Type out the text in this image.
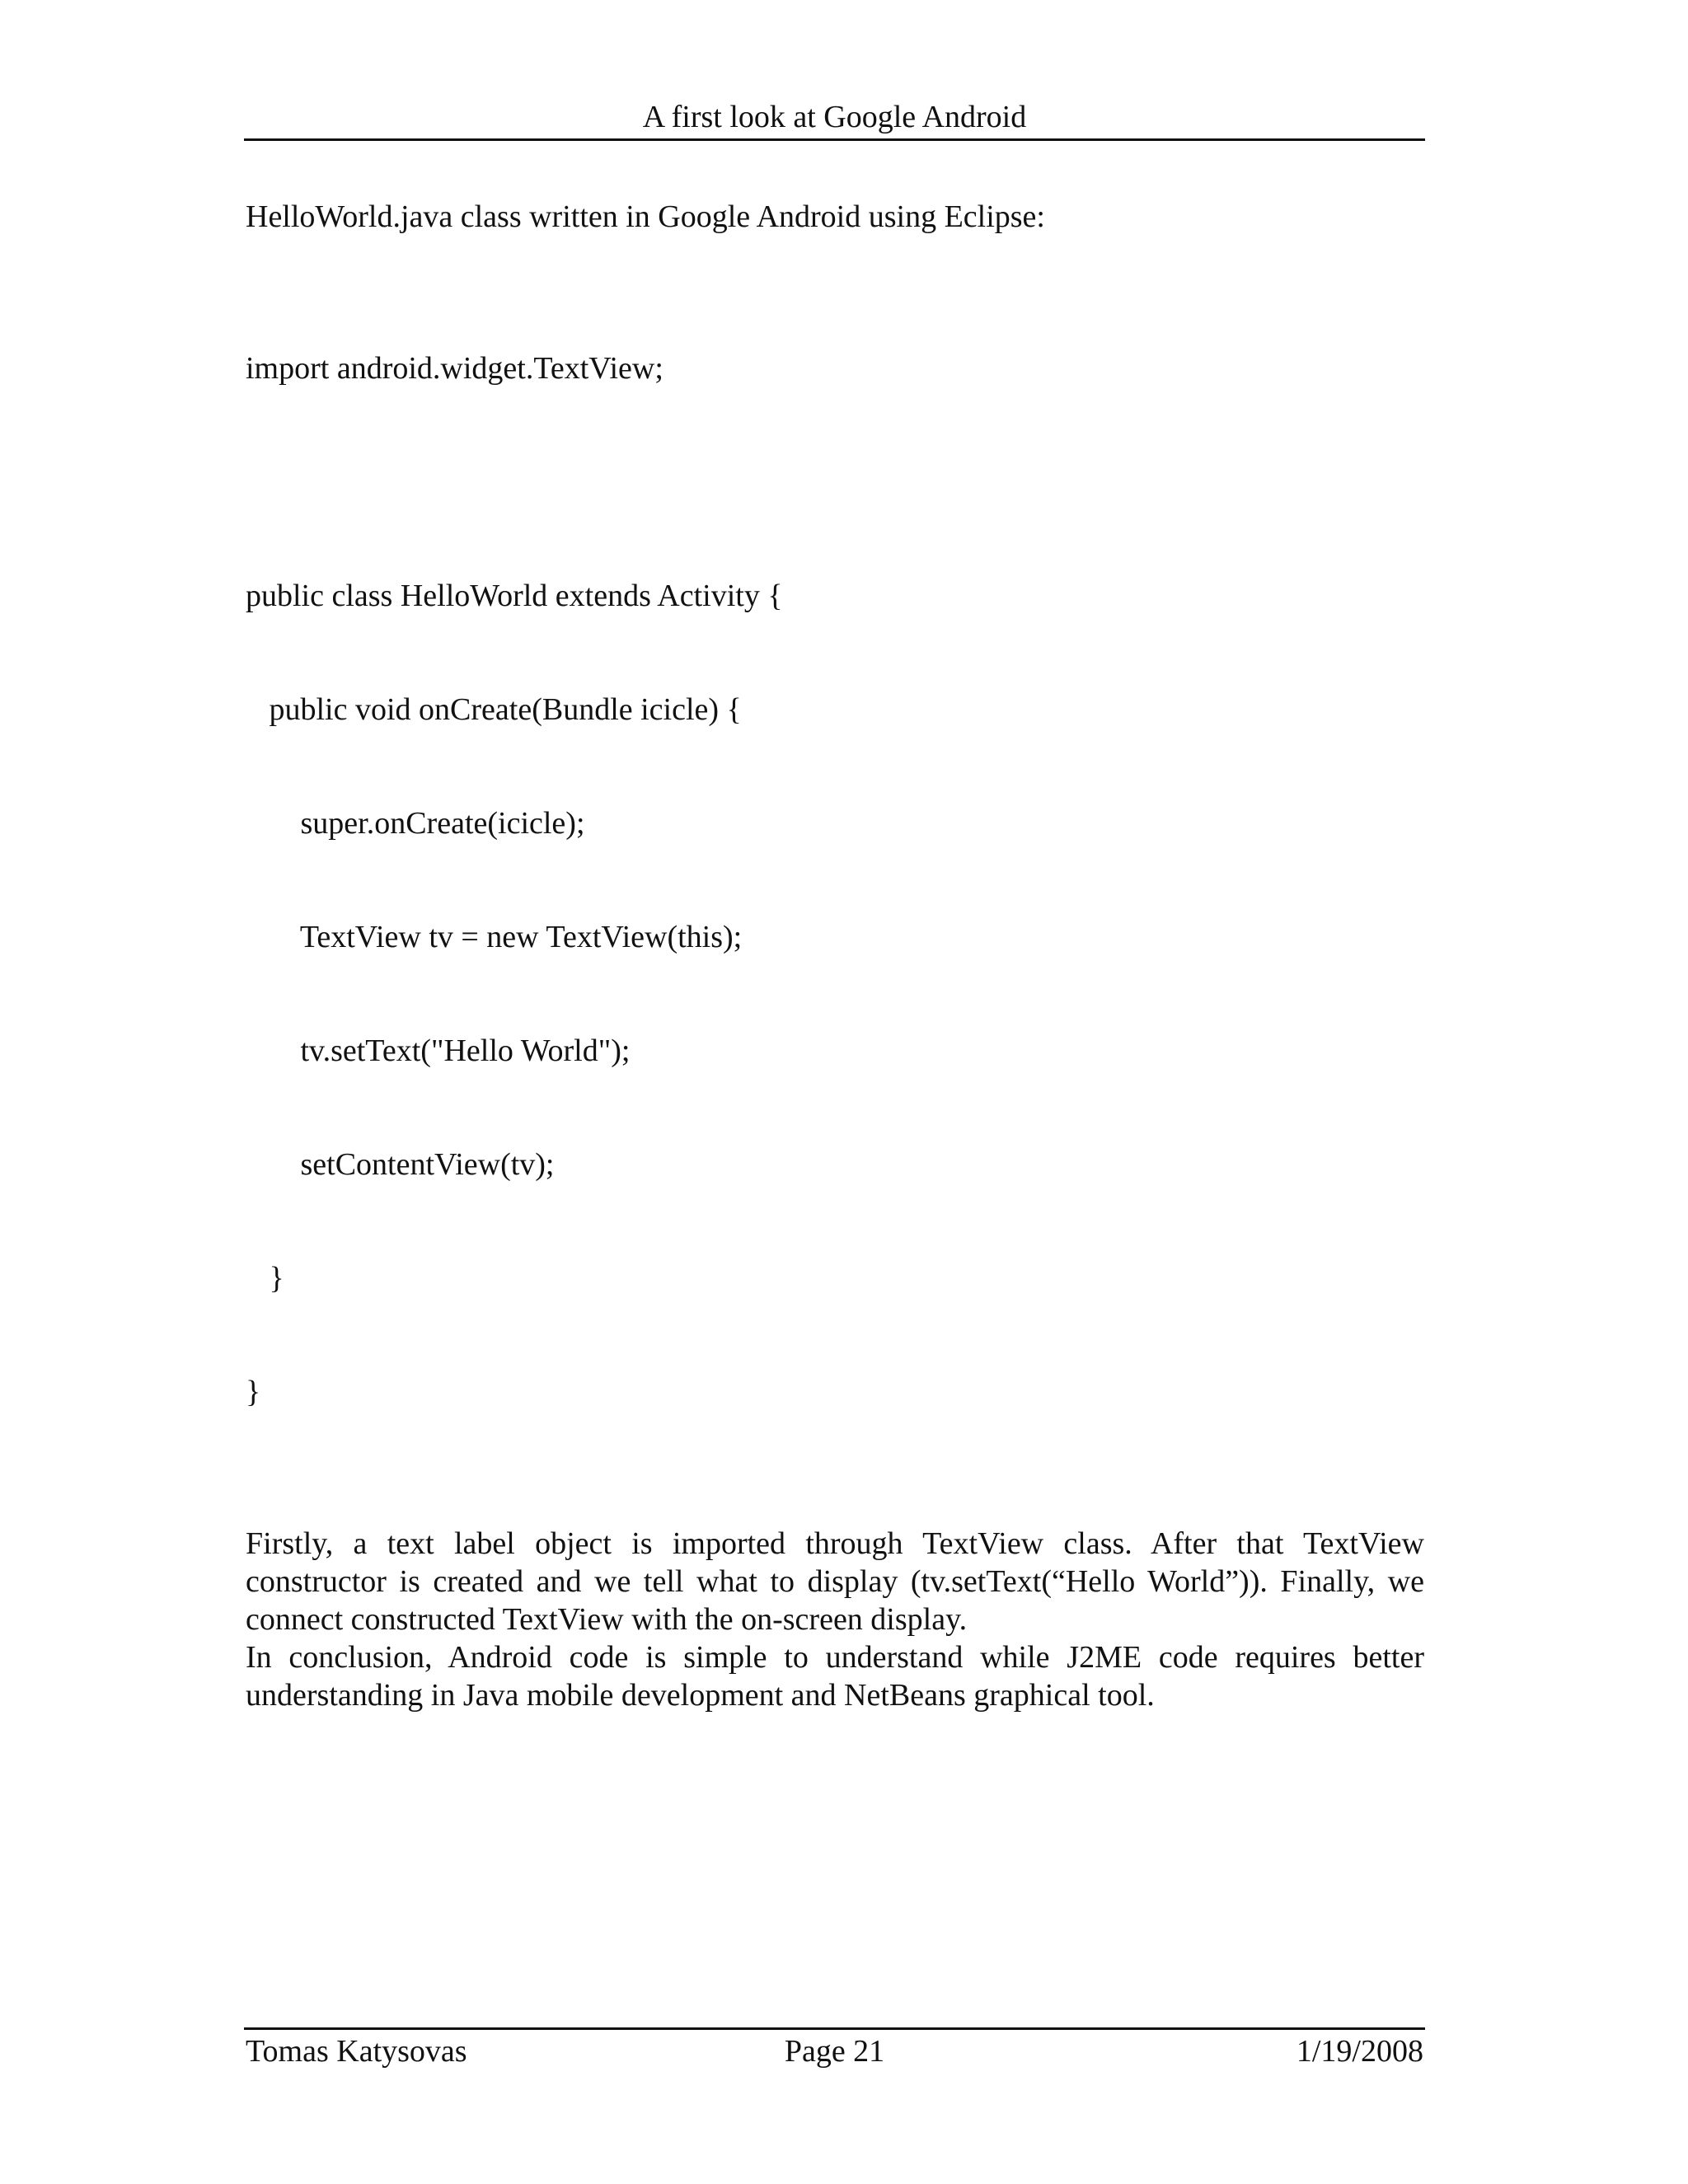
A first look at Google Android

HelloWorld.java class written in Google Android using Eclipse:

import android.widget.TextView;

public class HelloWorld extends Activity {

public void onCreate(Bundle icicle) {

super.onCreate(icicle);

TextView tv = new TextView(this);

tv.setText("Hello World");

setContentView(tv);

}

}

Firstly, a text label object is imported through TextView class. After that TextView constructor is created and we tell what to display (tv.setText(“Hello World”)). Finally, we connect constructed TextView with the on-screen display.

In conclusion, Android code is simple to understand while J2ME code requires better understanding in Java mobile development and NetBeans graphical tool.

Tomas Katysovas	Page 21	1/19/2008
